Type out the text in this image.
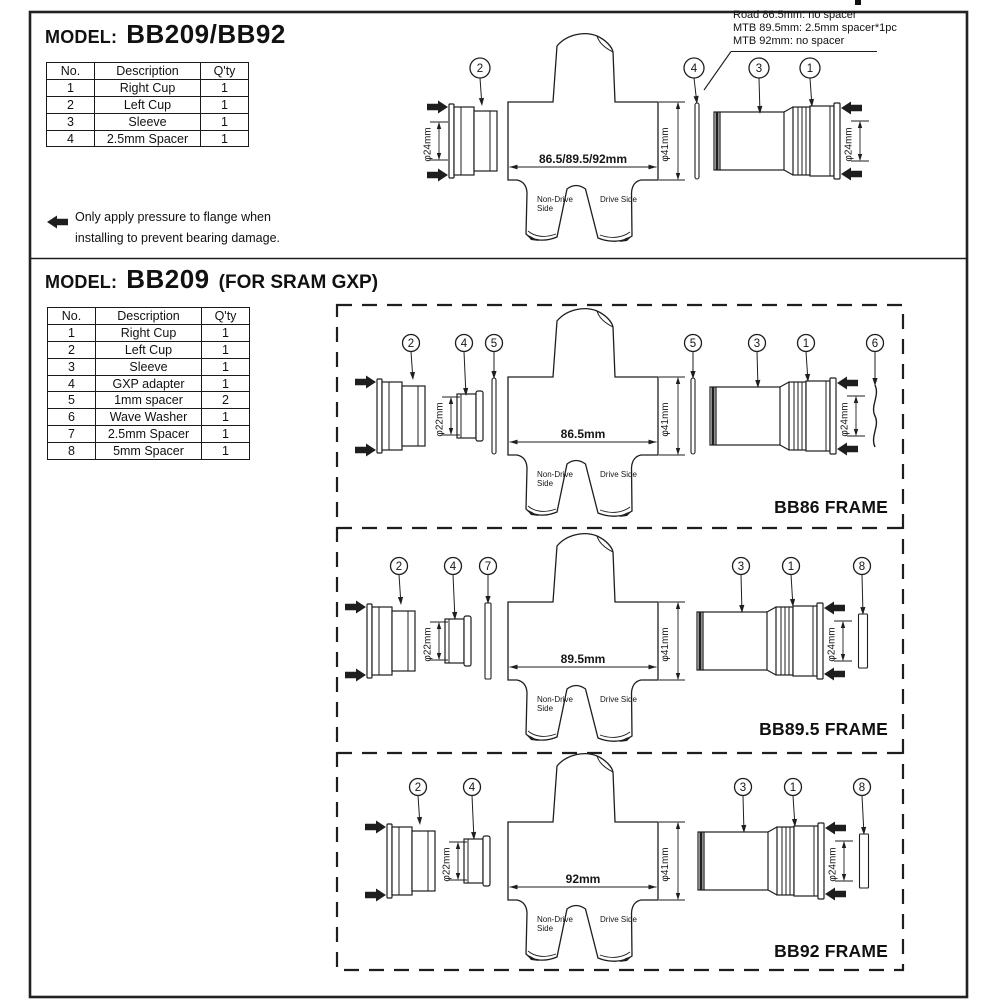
86.5/89.5/92mm	φ41mm
Non-Drive
Side
Drive Side
φ24mm	φ24mm
2	4	3	1
86.5mm	φ41mm
Non-Drive
Side
Drive Side
φ22mm	φ24mm
2	4 5	5	3	1	6
89.5mm	φ41mm
Non-Drive
Side
Drive Side
φ22mm	φ24mm
2	4 7	3	1	8
92mm	φ41mm
Non-Drive
Side
Drive Side
φ22mm	φ24mm
2	4	3	1	8
MODEL: BB209/BB92
No.	Description	Q'ty
1	Right Cup	1
2	Left Cup	1
3	Sleeve	1
4	2.5mm Spacer	1
Only apply pressure to flange when
installing to prevent bearing damage.
Road 86.5mm: no spacer
MTB 89.5mm: 2.5mm spacer*1pc
MTB 92mm: no spacer
MODEL: BB209 (FOR SRAM GXP)
No.	Description	Q'ty
1	Right Cup	1
2	Left Cup	1
3	Sleeve	1
4	GXP adapter	1
5	1mm spacer	2
6	Wave Washer	1
7	2.5mm Spacer	1
8	5mm Spacer	1
BB86 FRAME
BB89.5 FRAME
BB92 FRAME
